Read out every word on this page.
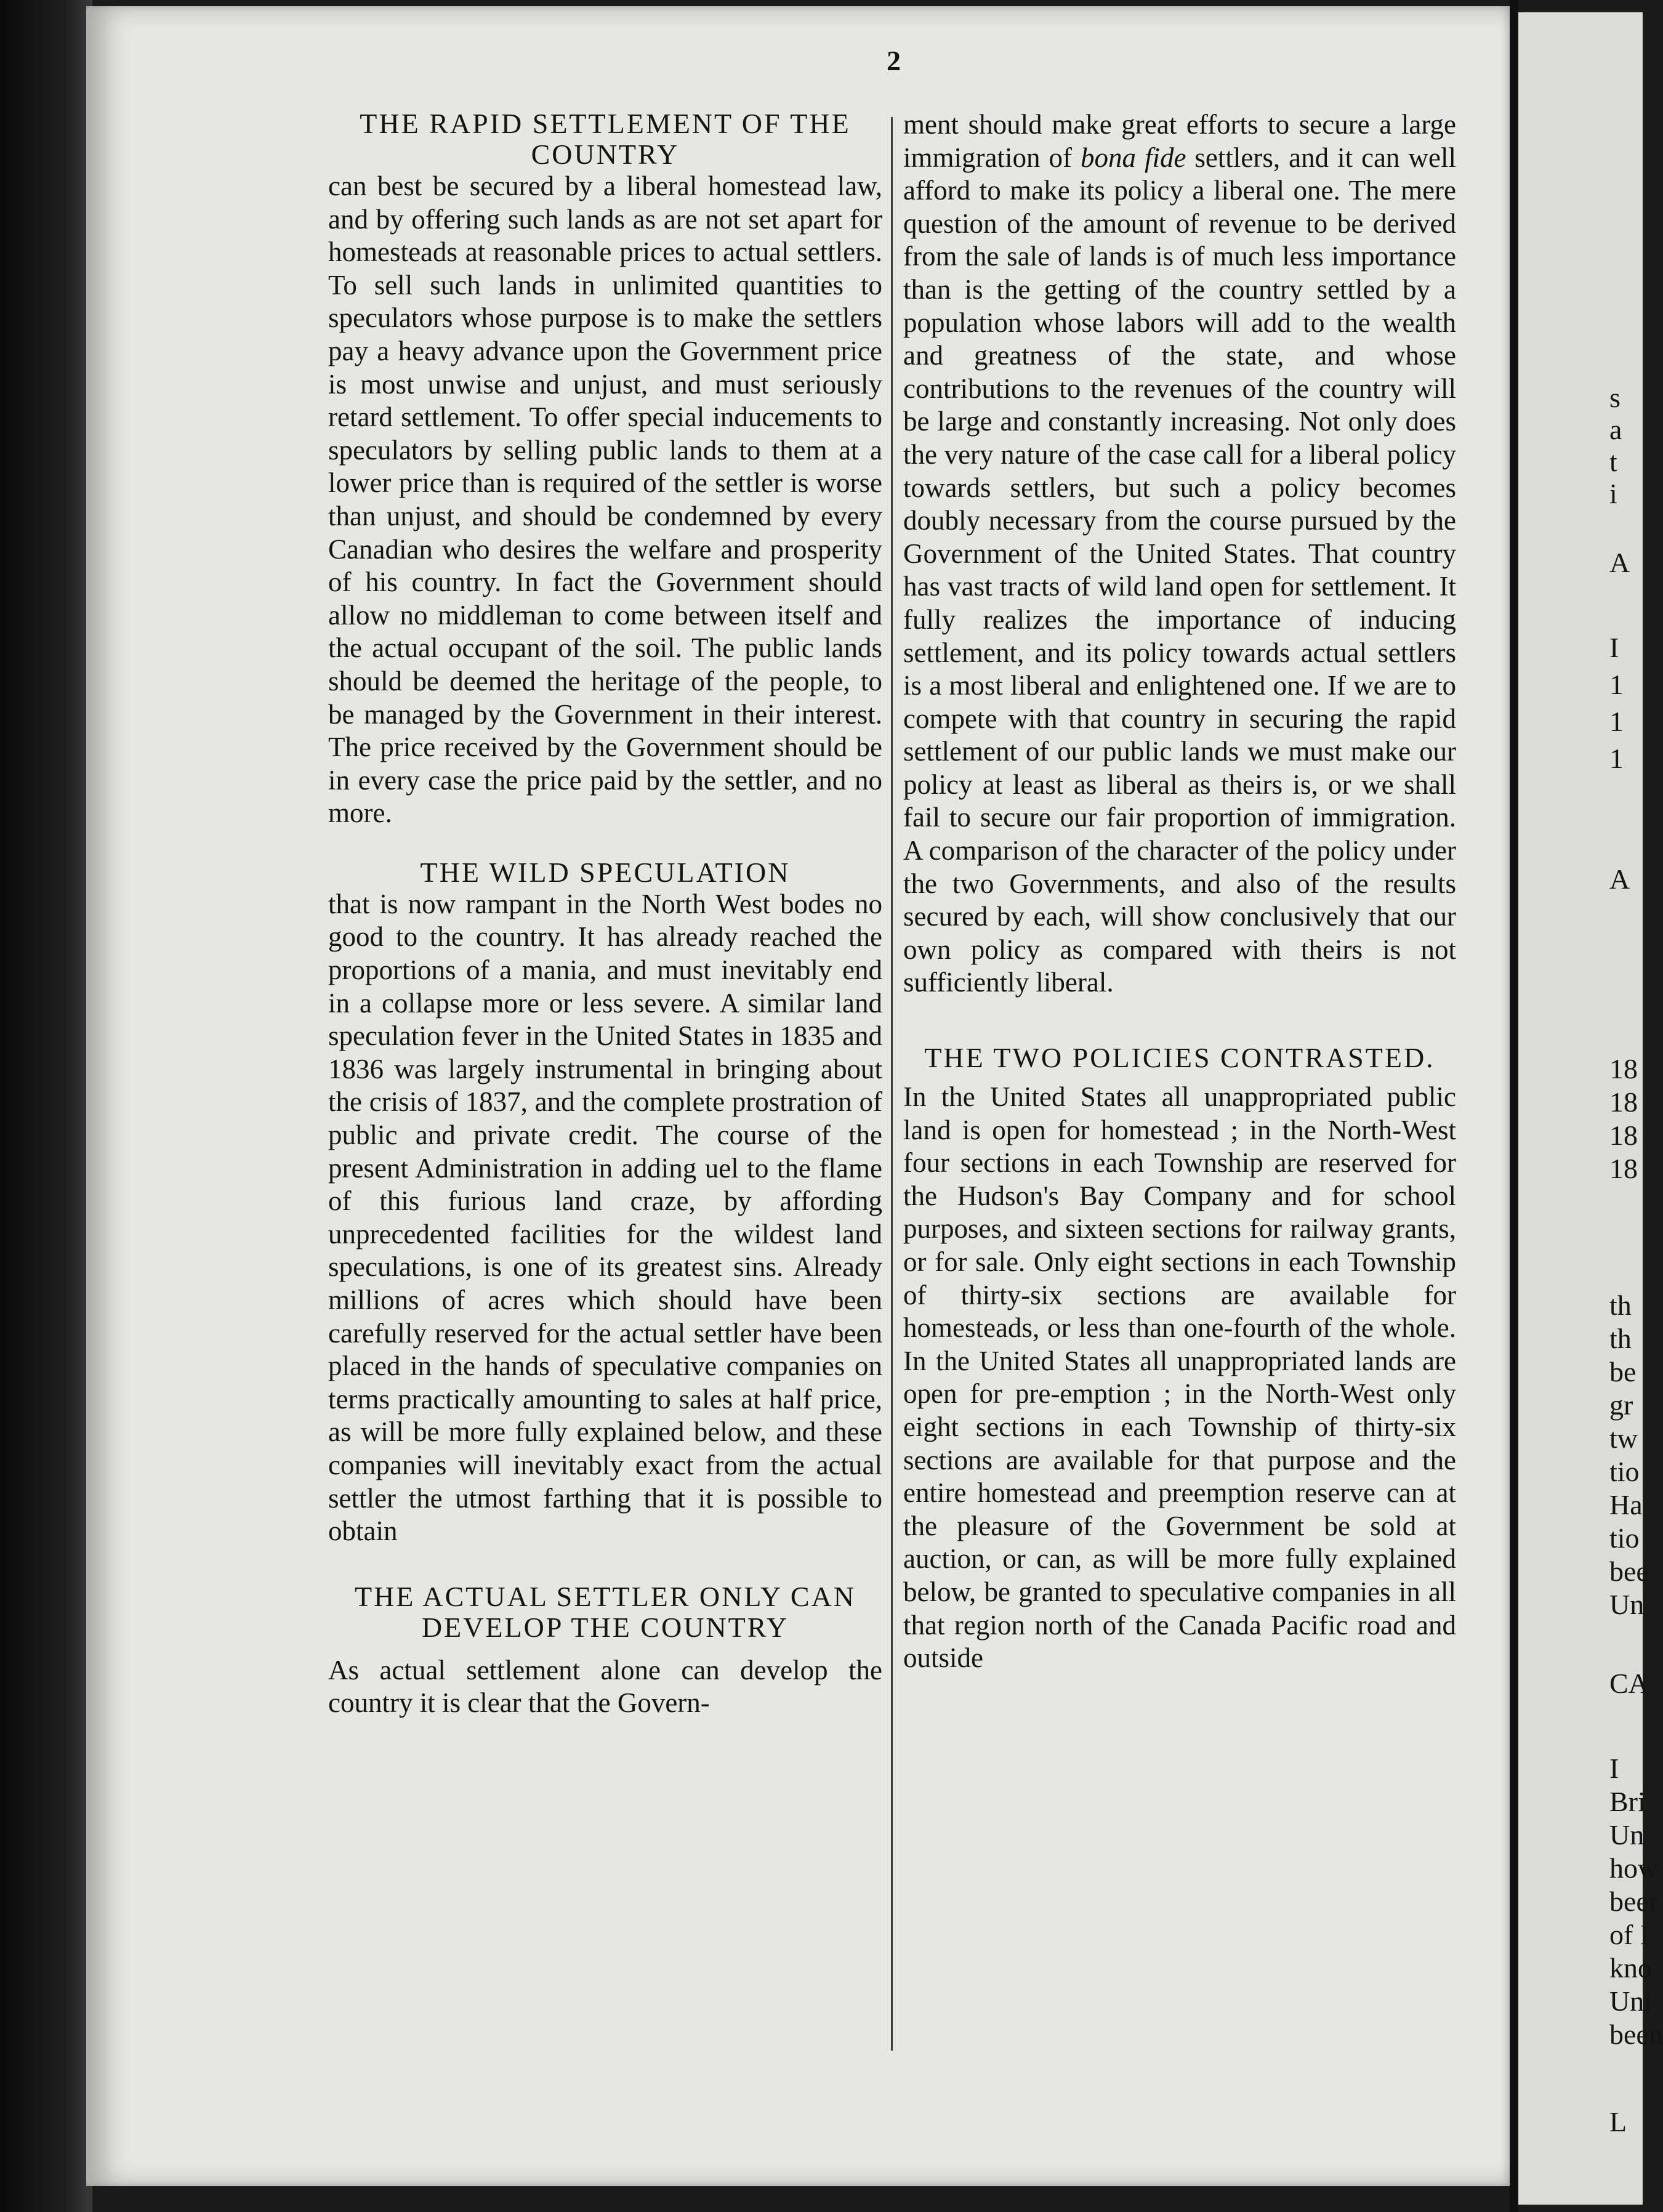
2

THE RAPID SETTLEMENT OF THE COUNTRY

can best be secured by a liberal homestead law, and by offering such lands as are not set apart for homesteads at reasonable prices to actual settlers. To sell such lands in unlimited quantities to speculators whose purpose is to make the settlers pay a heavy advance upon the Government price is most unwise and unjust, and must seriously retard settlement. To offer special inducements to speculators by selling public lands to them at a lower price than is required of the settler is worse than unjust, and should be condemned by every Canadian who desires the welfare and prosperity of his country. In fact the Government should allow no middleman to come between itself and the actual occupant of the soil. The public lands should be deemed the heritage of the people, to be managed by the Government in their interest. The price received by the Government should be in every case the price paid by the settler, and no more.

THE WILD SPECULATION

that is now rampant in the North West bodes no good to the country. It has already reached the proportions of a mania, and must inevitably end in a collapse more or less severe. A similar land speculation fever in the United States in 1835 and 1836 was largely instrumental in bringing about the crisis of 1837, and the complete prostration of public and private credit. The course of the present Administration in adding uel to the flame of this furious land craze, by affording unprecedented facilities for the wildest land speculations, is one of its greatest sins. Already millions of acres which should have been carefully reserved for the actual settler have been placed in the hands of speculative companies on terms practically amounting to sales at half price, as will be more fully explained below, and these companies will inevitably exact from the actual settler the utmost farthing that it is possible to obtain

THE ACTUAL SETTLER ONLY CAN DEVELOP THE COUNTRY

As actual settlement alone can develop the country it is clear that the Govern-

ment should make great efforts to secure a large immigration of bona fide settlers, and it can well afford to make its policy a liberal one. The mere question of the amount of revenue to be derived from the sale of lands is of much less importance than is the getting of the country settled by a population whose labors will add to the wealth and greatness of the state, and whose contributions to the revenues of the country will be large and constantly increasing. Not only does the very nature of the case call for a liberal policy towards settlers, but such a policy becomes doubly necessary from the course pursued by the Government of the United States. That country has vast tracts of wild land open for settlement. It fully realizes the importance of inducing settlement, and its policy towards actual settlers is a most liberal and enlightened one. If we are to compete with that country in securing the rapid settlement of our public lands we must make our policy at least as liberal as theirs is, or we shall fail to secure our fair proportion of immigration. A comparison of the character of the policy under the two Governments, and also of the results secured by each, will show conclusively that our own policy as compared with theirs is not sufficiently liberal.

THE TWO POLICIES CONTRASTED.

In the United States all unappropriated public land is open for homestead ; in the North-West four sections in each Township are reserved for the Hudson's Bay Company and for school purposes, and sixteen sections for railway grants, or for sale. Only eight sections in each Township of thirty-six sections are available for homesteads, or less than one-fourth of the whole. In the United States all unappropriated lands are open for pre-emption ; in the North-West only eight sections in each Township of thirty-six sections are available for that purpose and the entire homestead and preemption reserve can at the pleasure of the Government be sold at auction, or can, as will be more fully explained below, be granted to speculative companies in all that region north of the Canada Pacific road and outside

s
a
t
i
A
I
1
1
1
A
18
18
18
18
th
th
be
gr
tw
tio
Ha
tio
bee
Un
CA
I
Bri
Un
how
beer
of I
kno
Uni
been
L
